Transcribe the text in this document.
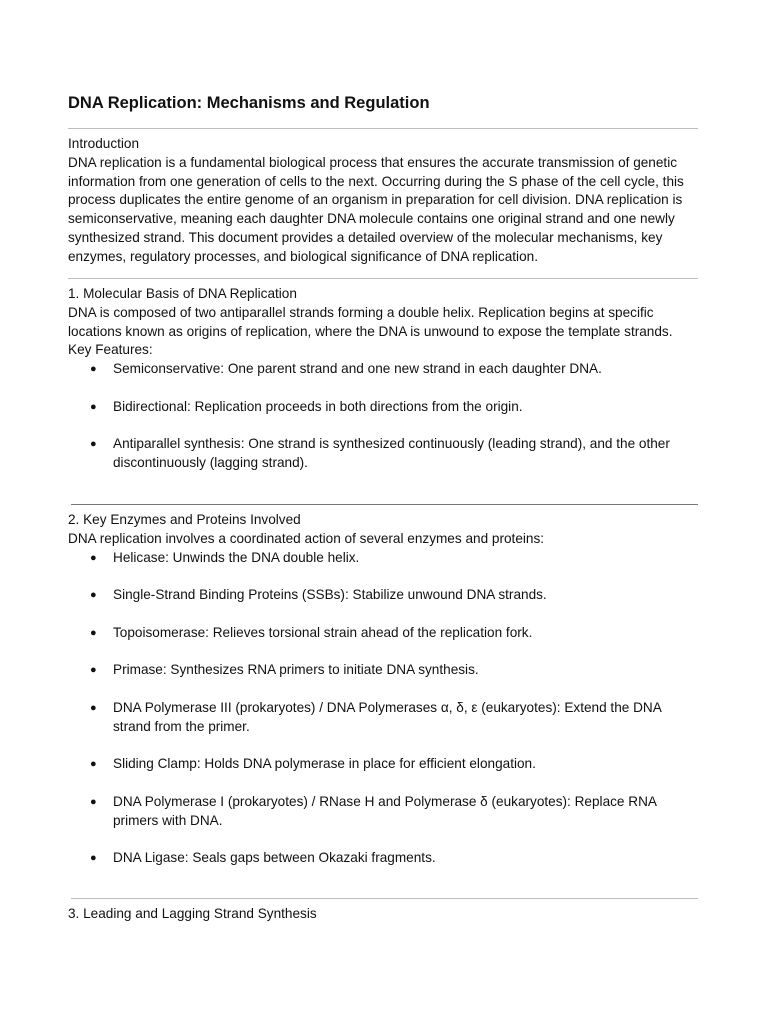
DNA Replication: Mechanisms and Regulation

Introduction

DNA replication is a fundamental biological process that ensures the accurate transmission of genetic information from one generation of cells to the next. Occurring during the S phase of the cell cycle, this process duplicates the entire genome of an organism in preparation for cell division. DNA replication is semiconservative, meaning each daughter DNA molecule contains one original strand and one newly synthesized strand. This document provides a detailed overview of the molecular mechanisms, key enzymes, regulatory processes, and biological significance of DNA replication.

1. Molecular Basis of DNA Replication

DNA is composed of two antiparallel strands forming a double helix. Replication begins at specific locations known as origins of replication, where the DNA is unwound to expose the template strands.

Key Features:

● Semiconservative: One parent strand and one new strand in each daughter DNA.
● Bidirectional: Replication proceeds in both directions from the origin.
● Antiparallel synthesis: One strand is synthesized continuously (leading strand), and the other discontinuously (lagging strand).

2. Key Enzymes and Proteins Involved

DNA replication involves a coordinated action of several enzymes and proteins:

● Helicase: Unwinds the DNA double helix.
● Single-Strand Binding Proteins (SSBs): Stabilize unwound DNA strands.
● Topoisomerase: Relieves torsional strain ahead of the replication fork.
● Primase: Synthesizes RNA primers to initiate DNA synthesis.
● DNA Polymerase III (prokaryotes) / DNA Polymerases α, δ, ε (eukaryotes): Extend the DNA strand from the primer.
● Sliding Clamp: Holds DNA polymerase in place for efficient elongation.
● DNA Polymerase I (prokaryotes) / RNase H and Polymerase δ (eukaryotes): Replace RNA primers with DNA.
● DNA Ligase: Seals gaps between Okazaki fragments.

3. Leading and Lagging Strand Synthesis
